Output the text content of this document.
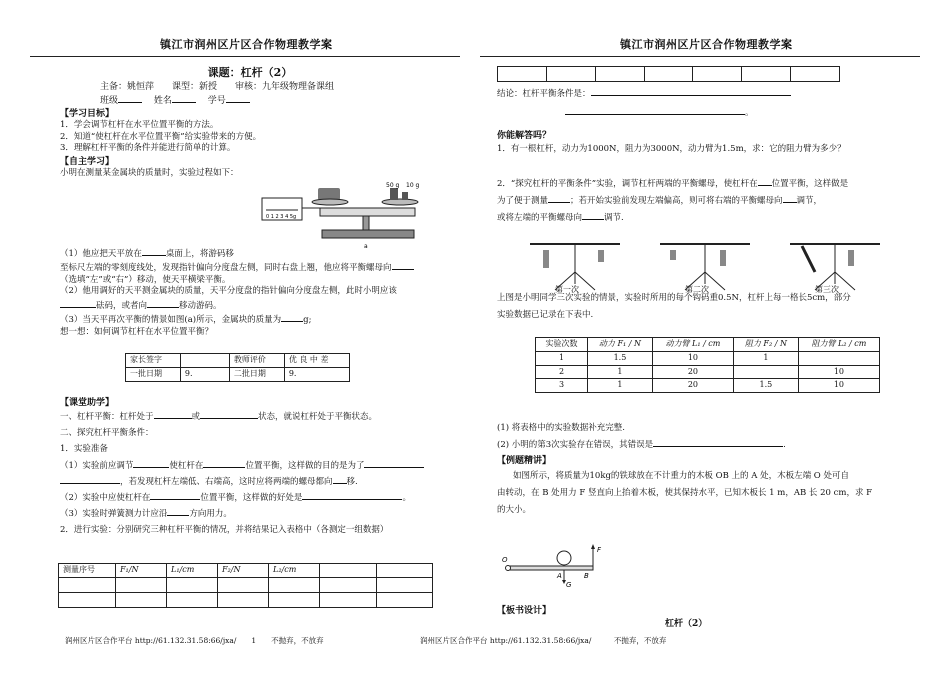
镇江市润州区片区合作物理教学案	镇江市润州区片区合作物理教学案
课题：杠杆（2）
主备：姚恒萍　　课型：新授　　审核：九年级物理备课组
班级　	姓名　	学号
【学习目标】
1．学会调节杠杆在水平位置平衡的方法。
2．知道“使杠杆在水平位置平衡”给实验带来的方便。
3．理解杠杆平衡的条件并能进行简单的计算。
【自主学习】
小明在测量某金属块的质量时，实验过程如下：
0 1 2 3 4 5g
50 g 10 g
a
（1）他应把天平放在	桌面上，将游码移
至标尺左端的零刻度线处，发现指针偏向分度盘左侧，同时右盘上翘，他应将平衡螺母向
（选填“左”或“右”）移动，使天平横梁平衡。
（2）他用调好的天平测金属块的质量，天平分度盘的指针偏向分度盘左侧，此时小明应该
砝码，或者向	移动游码。
（3）当天平再次平衡的情景如图(a)所示，金属块的质量为	g;
想一想：如何调节杠杆在水平位置平衡？
家长签字		教师评价	优 良 中 差
一批日期	9.	二批日期	9.
【课堂助学】
一、杠杆平衡：杠杆处于	或	状态，就说杠杆处于平衡状态。
二、探究杠杆平衡条件：
1．实验准备
（1）实验前应调节	使杠杆在	位置平衡，这样做的目的是为了
，若发现杠杆左端低、右端高，这时应将两端的螺母都向 移.
（2）实验中应使杠杆在	位置平衡，这样做的好处是	。
（3）实验时弹簧测力计应沿	方向用力。
2．进行实验：分别研究三种杠杆平衡的情况，并将结果记入表格中（各测定一组数据）
测量序号	F₁/N	L₁/cm	F₂/N	L₂/cm		

润州区片区合作平台 http://61.132.31.58:66/jxa/　　1　　不抛弃，不放弃

结论：杠杆平衡条件是：
。
你能解答吗？
1．有一根杠杆，动力为1000N，阻力为3000N，动力臂为1.5m，求：它的阻力臂为多少？
2．“探究杠杆的平衡条件”实验，调节杠杆两端的平衡螺母，使杠杆在 位置平衡，这样做是
为了便于测量	；若开始实验前发现左端偏高，则可将右端的平衡螺母向 调节，
或将左端的平衡螺母向	调节.
第一次	第二次	第三次
上图是小明同学三次实验的情景，实验时所用的每个钩码重0.5N，杠杆上每一格长5cm，部分
实验数据已记录在下表中.
实验次数	动力 F₁ / N	动力臂 L₁ / cm	阻力 F₂ / N	阻力臂 L₂ / cm
1	1.5	10	1	
2	1	20		10
3	1	20	1.5	10
(1) 将表格中的实验数据补充完整.
(2) 小明的第3次实验存在错误，其错误是	.
【例题精讲】
如图所示，将质量为10kg的铁球放在不计重力的木板 OB 上的 A 处，木板左端 O 处可自
由转动，在 B 处用力 F 竖直向上抬着木板，使其保持水平，已知木板长 1 m，AB 长 20 cm，求 F
的大小。
O
A	B
F
G
【板书设计】
杠杆（2）
润州区片区合作平台 http://61.132.31.58:66/jxa/　　　不抛弃，不放弃
